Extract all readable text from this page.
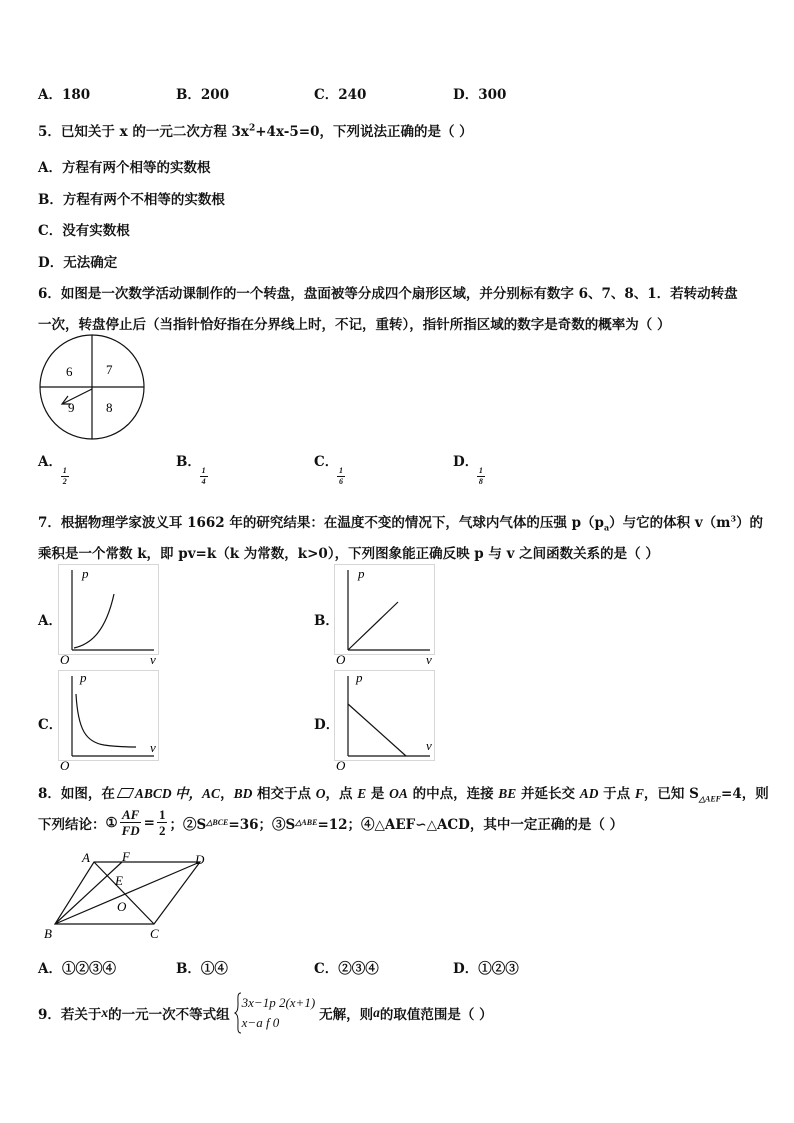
A．180	B．200	C．240	D．300
5．已知关于 x 的一元二次方程 $3x^2+4x-5=0$，下列说法正确的是（ ）
A．方程有两个相等的实数根
B．方程有两个不相等的实数根
C．没有实数根
D．无法确定
6．如图是一次数学活动课制作的一个转盘，盘面被等分成四个扇形区域，并分别标有数字 6、7、8、1．若转动转盘
一次，转盘停止后（当指针恰好指在分界线上时，不记，重转），指针所指区域的数字是奇数的概率为（ ）
6	7
9 8
A．
$\frac{1}{2}$
B．
$\frac{1}{4}$
C．
$\frac{1}{6}$
D．
$\frac{1}{8}$
7．根据物理学家波义耳 1662 年的研究结果：在温度不变的情况下，气球内气体的压强 $p(p_a)$与它的体积 $v(m^3)$的
乘积是一个常数 k，即 pv=k（k 为常数，k>0），下列图象能正确反映 p 与 v 之间函数关系的是（ ）
A．	B．
C．	D．
p
v
O
p
v
O
p
v
O
p
v
O
8．如图，在 ABCD 中，AC，BD 相交于点 O，点 E 是 OA 的中点，连接 BE 并延长交 AD 于点 F，已知 $S_{\triangle AEF}=4$，则
下列结论： ① $\frac{AF}{FD} = \frac{1}{2}$ ；②S △BCE =36；③S △ABE =12；④△AEF∽△ACD，其中一定正确的是（ ）
A F	D
E
O
B	C
A．①②③④	B．①④	C．②③④	D．①②③
9．若关于 x 的一元一次不等式组
3x−1p 2(x+1)
x−a f 0	无解，则 a 的取值范围是（ ）
